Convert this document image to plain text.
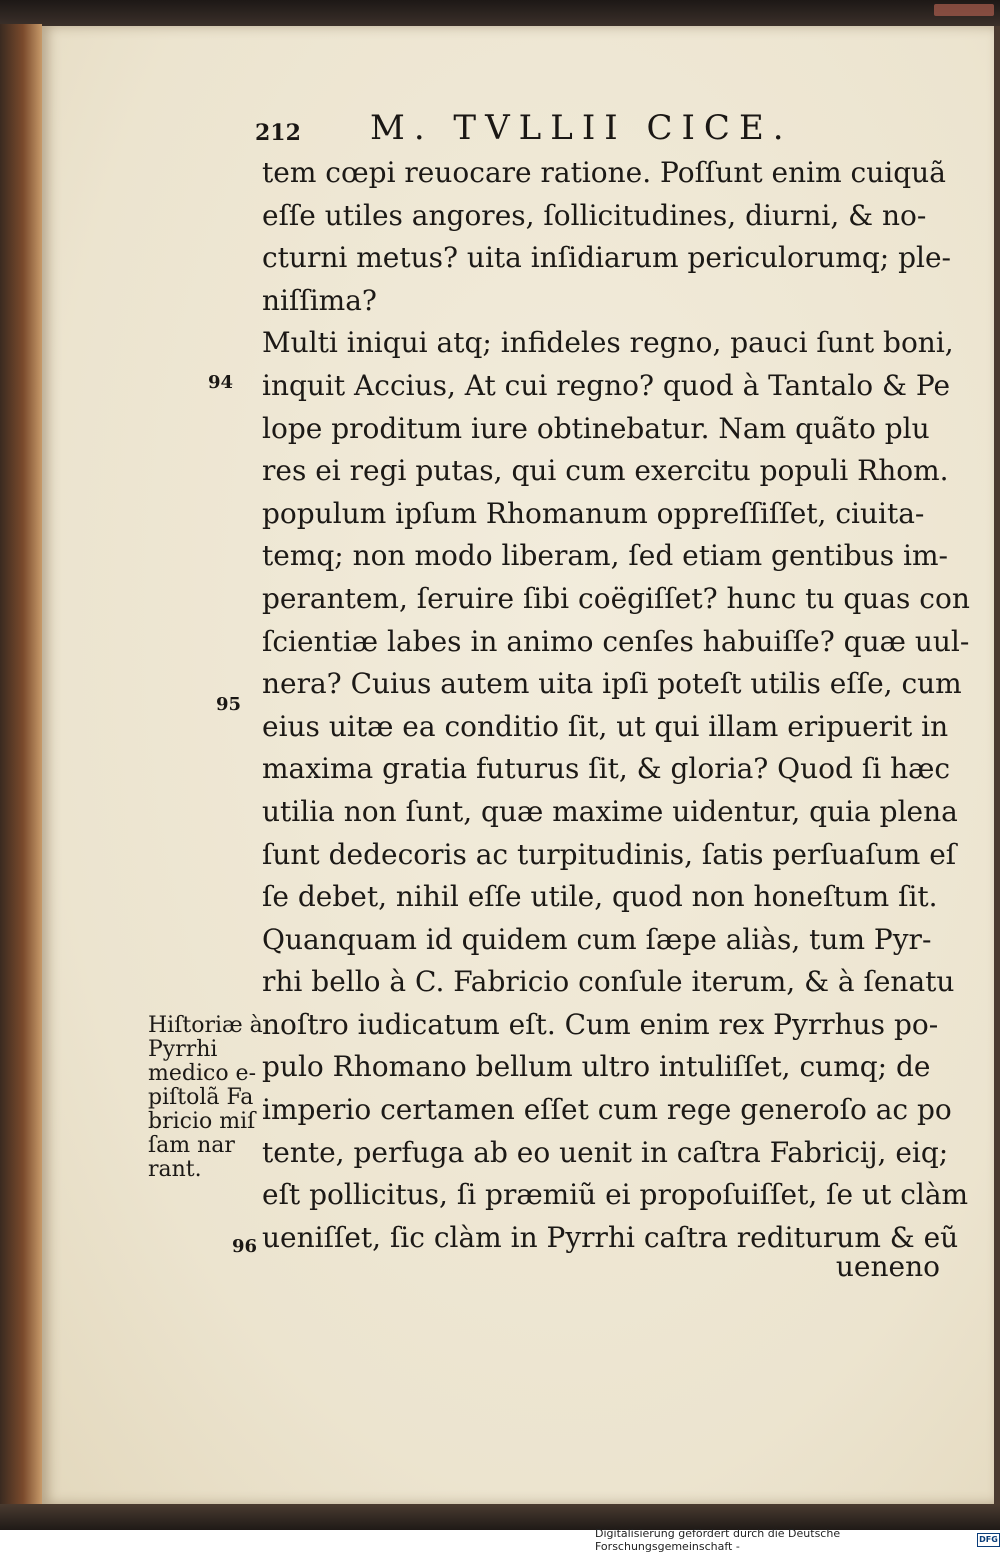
212 M. TVLLII CICE.
tem cœpi reuocare ratione. Poſſunt enim cuiquã
eſſe utiles angores, ſollicitudines, diurni, & no-
cturni metus? uita inſidiarum periculorumq; ple-
niſſima?
Multi iniqui atq; infideles regno, pauci ſunt boni,
inquit Accius, At cui regno? quod à Tantalo & Pe
lope proditum iure obtinebatur. Nam quãto plu
res ei regi putas, qui cum exercitu populi Rhom.
populum ipſum Rhomanum oppreſſiſſet, ciuita-
temq; non modo liberam, ſed etiam gentibus im-
perantem, ſeruire ſibi coëgiſſet? hunc tu quas con
ſcientiæ labes in animo cenſes habuiſſe? quæ uul-
nera? Cuius autem uita ipſi poteſt utilis eſſe, cum
eius uitæ ea conditio ſit, ut qui illam eripuerit in
maxima gratia futurus ſit, & gloria? Quod ſi hæc
utilia non ſunt, quæ maxime uidentur, quia plena
ſunt dedecoris ac turpitudinis, ſatis perſuaſum eſ
ſe debet, nihil eſſe utile, quod non honeſtum ſit.
Quanquam id quidem cum ſæpe aliàs, tum Pyr-
rhi bello à C. Fabricio conſule iterum, & à ſenatu
noſtro iudicatum eſt. Cum enim rex Pyrrhus po-
pulo Rhomano bellum ultro intuliſſet, cumq; de
imperio certamen eſſet cum rege generoſo ac po
tente, perfuga ab eo uenit in caſtra Fabricij, eiq;
eſt pollicitus, ſi præmiũ ei propoſuiſſet, ſe ut clàm
ueniſſet, ſic clàm in Pyrrhi caſtra rediturum & eũ
ueneno
94
95
96
Hiſtoriæ à
Pyrrhi
medico e-
piſtolã Fa
bricio miſ
ſam nar
rant.
Digitalisierung gefördert durch die Deutsche Forschungsgemeinschaft -
DFG
